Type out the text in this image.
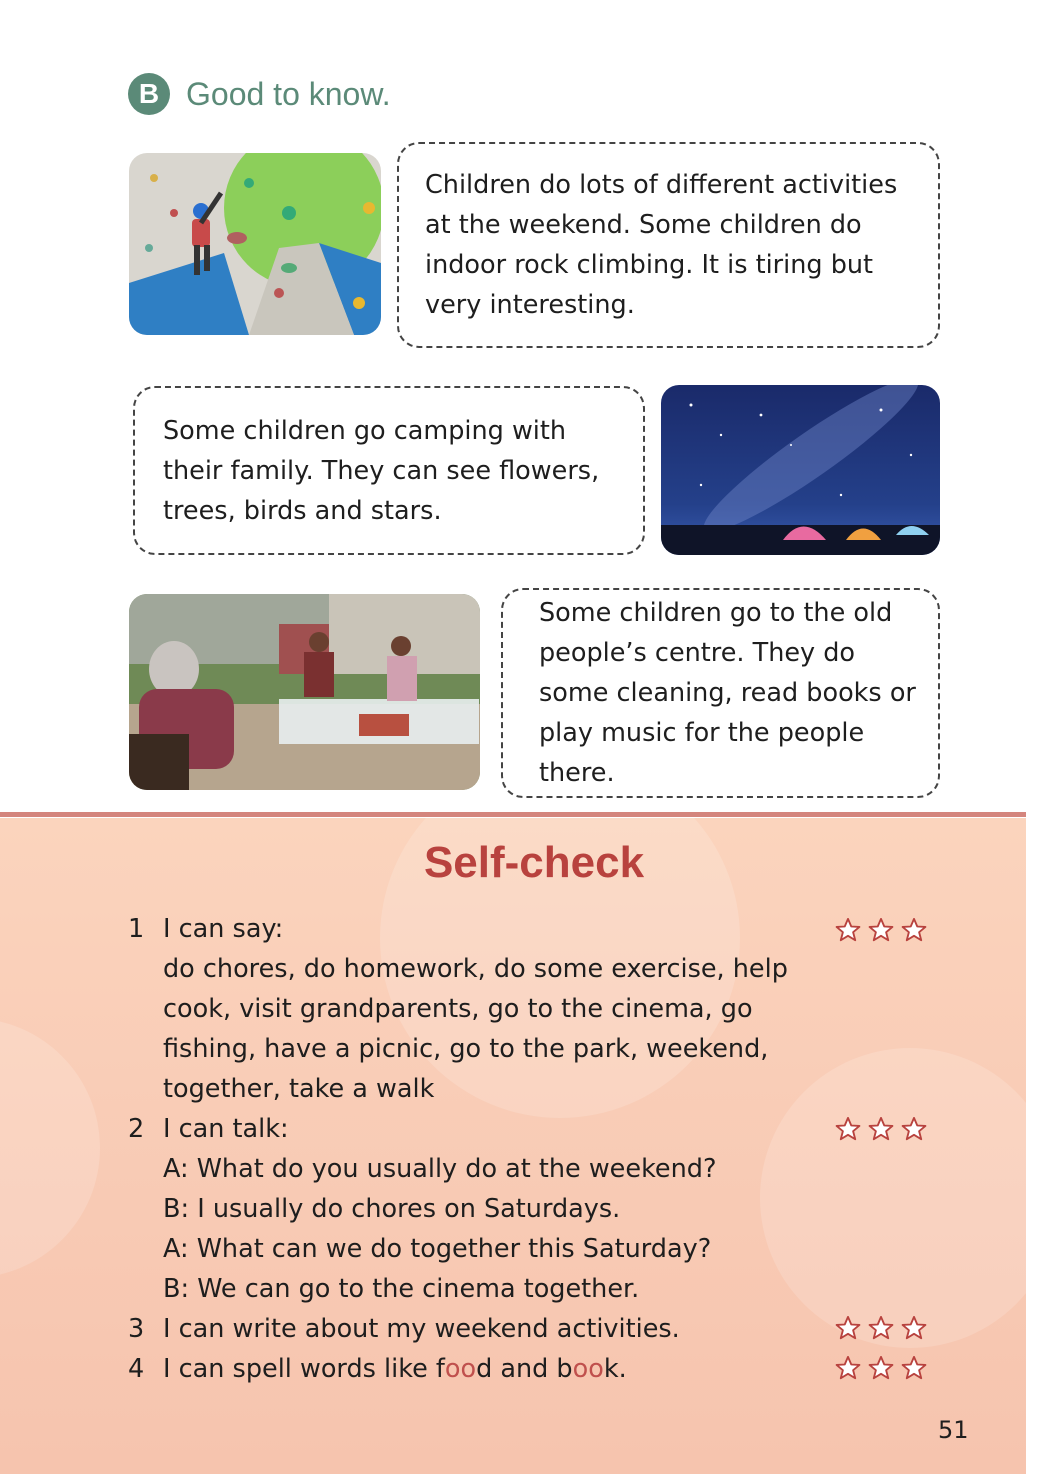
B Good to know.

Children do lots of different activities at the weekend. Some children do indoor rock climbing. It is tiring but very interesting.

Some children go camping with their family. They can see flowers, trees, birds and stars.

Some children go to the old people’s centre. They do some cleaning, read books or play music for the people there.

Self-check
1 I can say:
do chores, do homework, do some exercise, help
cook, visit grandparents, go to the cinema, go
fishing, have a picnic, go to the park, weekend,
together, take a walk
2 I can talk:
A: What do you usually do at the weekend?
B: I usually do chores on Saturdays.
A: What can we do together this Saturday?
B: We can go to the cinema together.
3 I can write about my weekend activities.
4 I can spell words like food and book.
51
